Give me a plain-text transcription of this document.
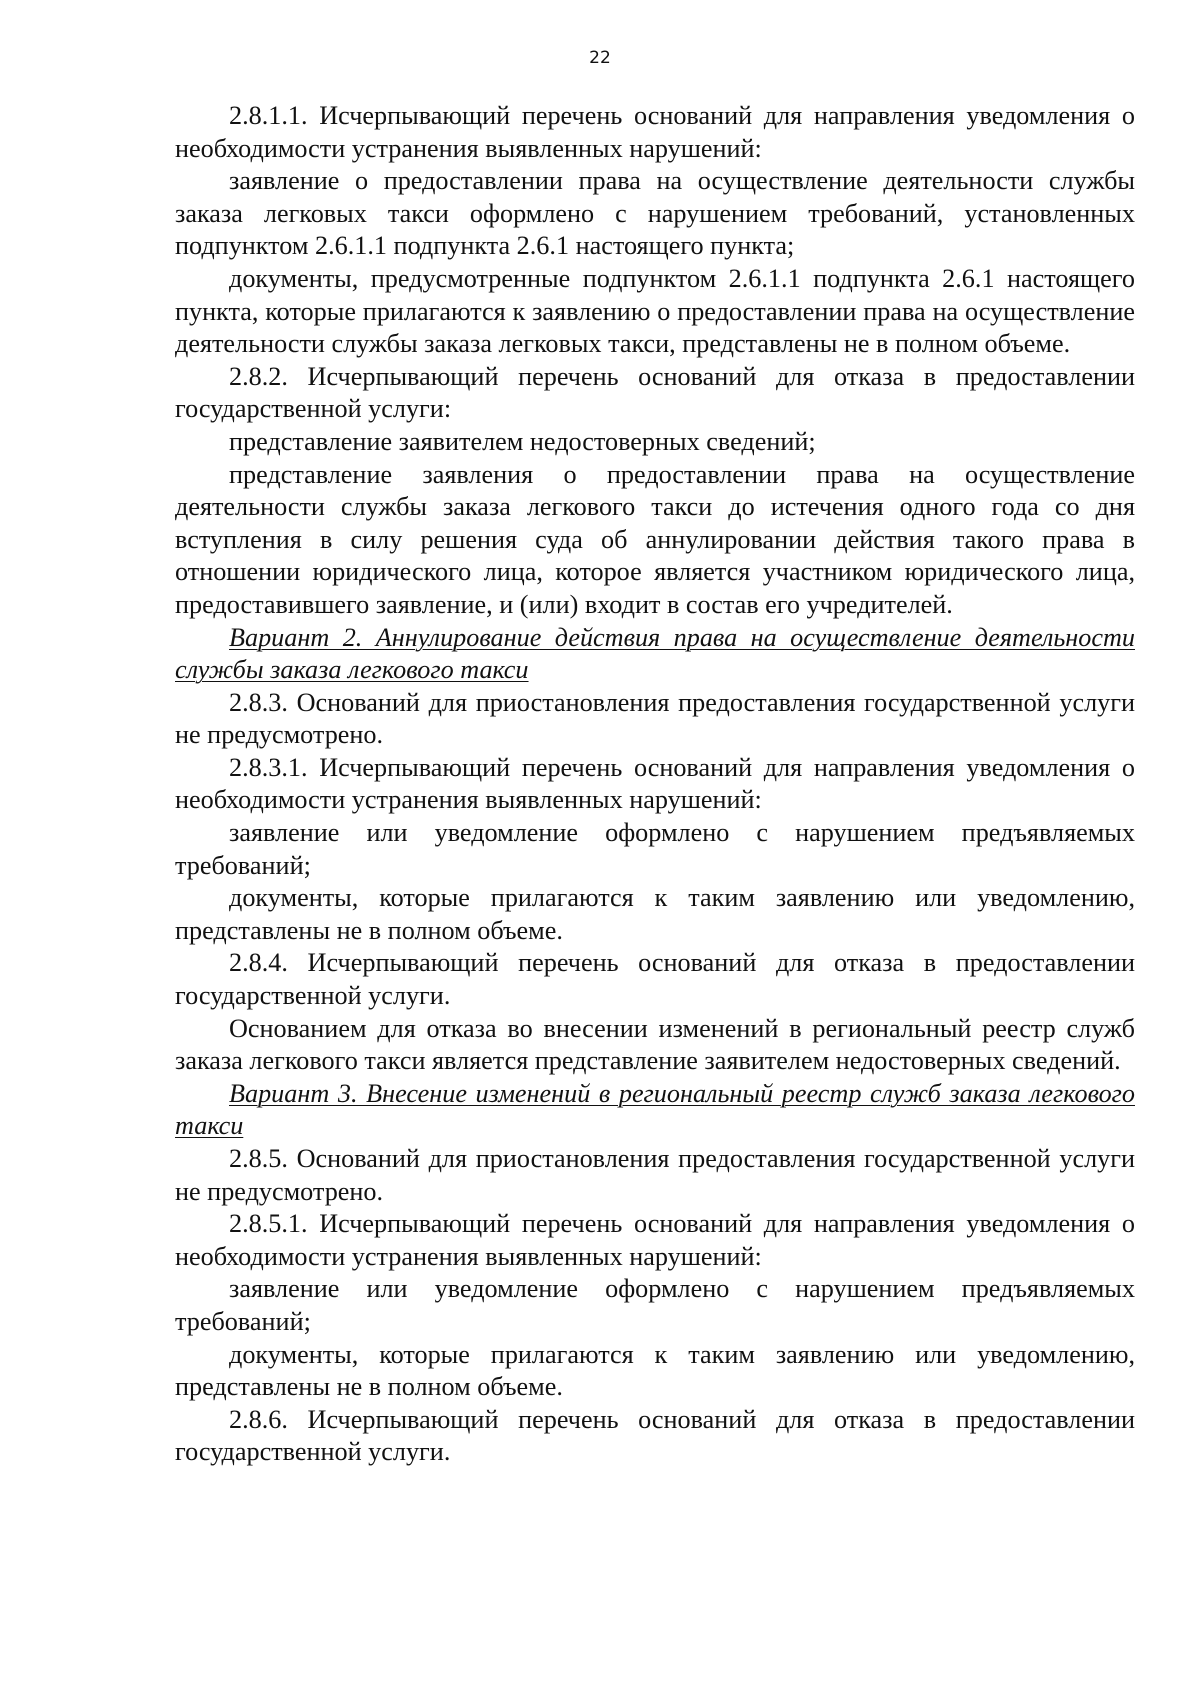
22

2.8.1.1. Исчерпывающий перечень оснований для направления уведомления о необходимости устранения выявленных нарушений:

заявление о предоставлении права на осуществление деятельности службы заказа легковых такси оформлено с нарушением требований, установленных подпунктом 2.6.1.1 подпункта 2.6.1 настоящего пункта;

документы, предусмотренные подпунктом 2.6.1.1 подпункта 2.6.1 настоящего пункта, которые прилагаются к заявлению о предоставлении права на осуществление деятельности службы заказа легковых такси, представлены не в полном объеме.

2.8.2. Исчерпывающий перечень оснований для отказа в предоставлении государственной услуги:

представление заявителем недостоверных сведений;

представление заявления о предоставлении права на осуществление деятельности службы заказа легкового такси до истечения одного года со дня вступления в силу решения суда об аннулировании действия такого права в отношении юридического лица, которое является участником юридического лица, предоставившего заявление, и (или) входит в состав его учредителей.

Вариант 2. Аннулирование действия права на осуществление деятельности службы заказа легкового такси

2.8.3. Оснований для приостановления предоставления государственной услуги не предусмотрено.

2.8.3.1. Исчерпывающий перечень оснований для направления уведомления о необходимости устранения выявленных нарушений:

заявление или уведомление оформлено с нарушением предъявляемых требований;

документы, которые прилагаются к таким заявлению или уведомлению, представлены не в полном объеме.

2.8.4. Исчерпывающий перечень оснований для отказа в предоставлении государственной услуги.

Основанием для отказа во внесении изменений в региональный реестр служб заказа легкового такси является представление заявителем недостоверных сведений.

Вариант 3. Внесение изменений в региональный реестр служб заказа легкового такси

2.8.5. Оснований для приостановления предоставления государственной услуги не предусмотрено.

2.8.5.1. Исчерпывающий перечень оснований для направления уведомления о необходимости устранения выявленных нарушений:

заявление или уведомление оформлено с нарушением предъявляемых требований;

документы, которые прилагаются к таким заявлению или уведомлению, представлены не в полном объеме.

2.8.6. Исчерпывающий перечень оснований для отказа в предоставлении государственной услуги.
